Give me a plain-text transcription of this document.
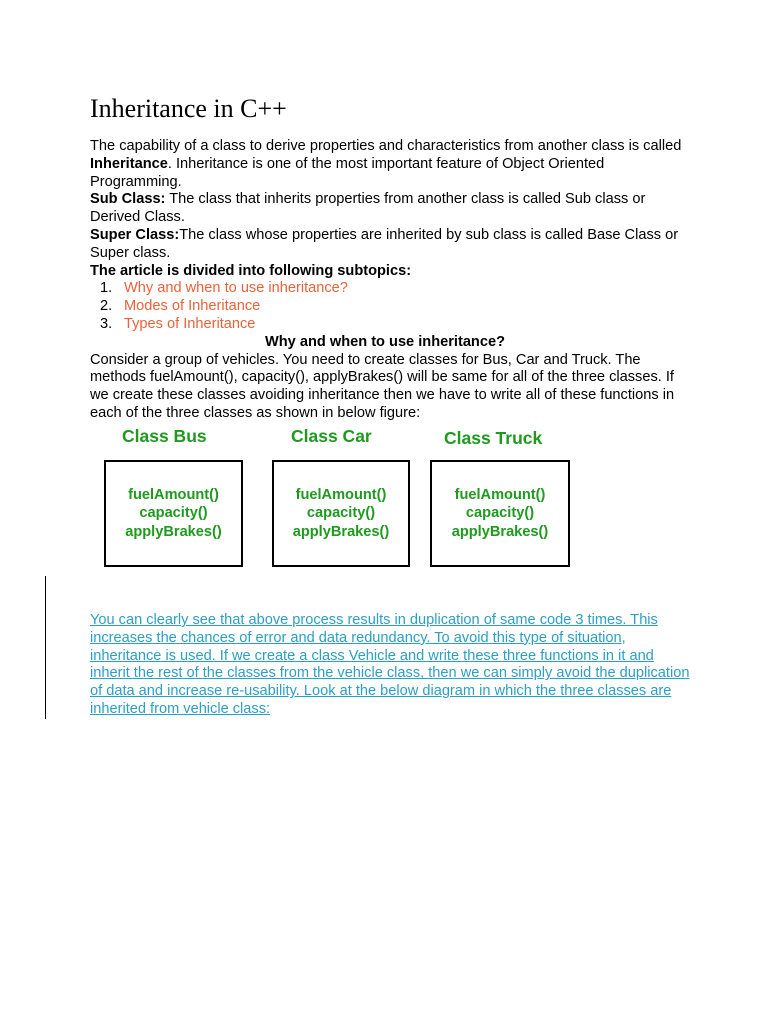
Inheritance in C++

The capability of a class to derive properties and characteristics from another class is called Inheritance. Inheritance is one of the most important feature of Object Oriented Programming.

Sub Class: The class that inherits properties from another class is called Sub class or Derived Class.

Super Class:The class whose properties are inherited by sub class is called Base Class or Super class.

The article is divided into following subtopics:

1. Why and when to use inheritance?
2. Modes of Inheritance
3. Types of Inheritance

Why and when to use inheritance?

Consider a group of vehicles. You need to create classes for Bus, Car and Truck. The methods fuelAmount(), capacity(), applyBrakes() will be same for all of the three classes. If we create these classes avoiding inheritance then we have to write all of these functions in each of the three classes as shown in below figure:

Class Bus	Class Car	Class Truck
fuelAmount()
capacity()
applyBrakes()
fuelAmount()
capacity()
applyBrakes()
fuelAmount()
capacity()
applyBrakes()

You can clearly see that above process results in duplication of same code 3 times. This increases the chances of error and data redundancy. To avoid this type of situation, inheritance is used. If we create a class Vehicle and write these three functions in it and inherit the rest of the classes from the vehicle class, then we can simply avoid the duplication of data and increase re-usability. Look at the below diagram in which the three classes are inherited from vehicle class:
